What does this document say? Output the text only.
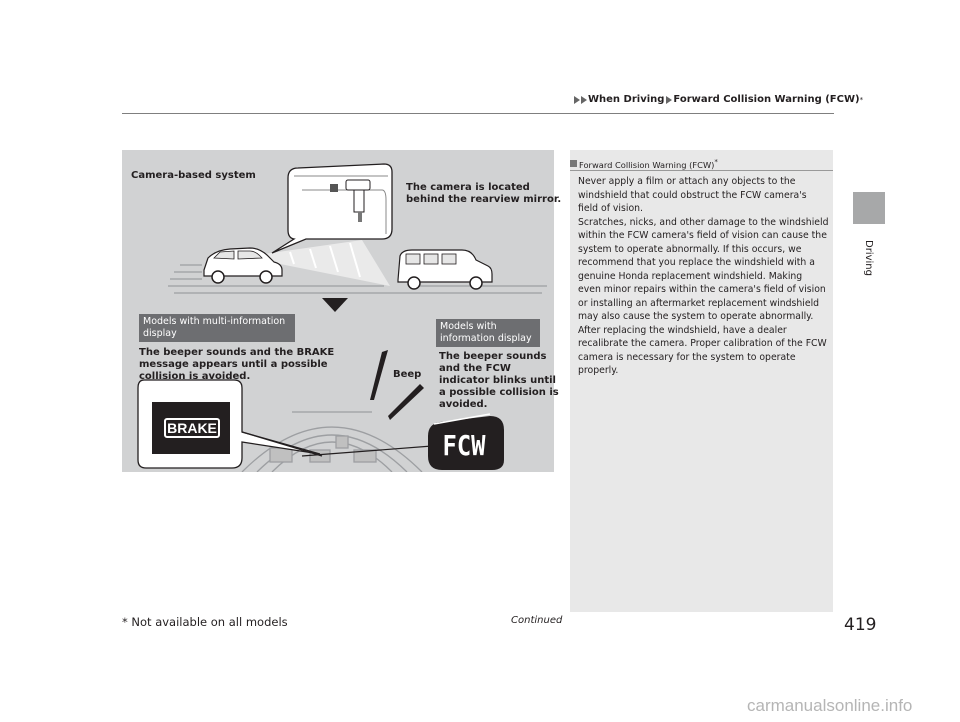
When Driving Forward Collision Warning (FCW) *
Driving
Camera-based system
The camera is located
behind the rearview mirror.
Models with multi-information
display
Models with
information display
The beeper sounds and the BRAKE
message appears until a possible
collision is avoided.
The beeper sounds
and the FCW
indicator blinks until
a possible collision is
avoided.
Beep
BRAKE
FCW
Forward Collision Warning (FCW)*
Never apply a film or attach any objects to the
windshield that could obstruct the FCW camera's
field of vision.
Scratches, nicks, and other damage to the windshield
within the FCW camera's field of vision can cause the
system to operate abnormally. If this occurs, we
recommend that you replace the windshield with a
genuine Honda replacement windshield. Making
even minor repairs within the camera's field of vision
or installing an aftermarket replacement windshield
may also cause the system to operate abnormally.
After replacing the windshield, have a dealer
recalibrate the camera. Proper calibration of the FCW
camera is necessary for the system to operate
properly.
Continued
* Not available on all models	419
carmanualsonline.info
